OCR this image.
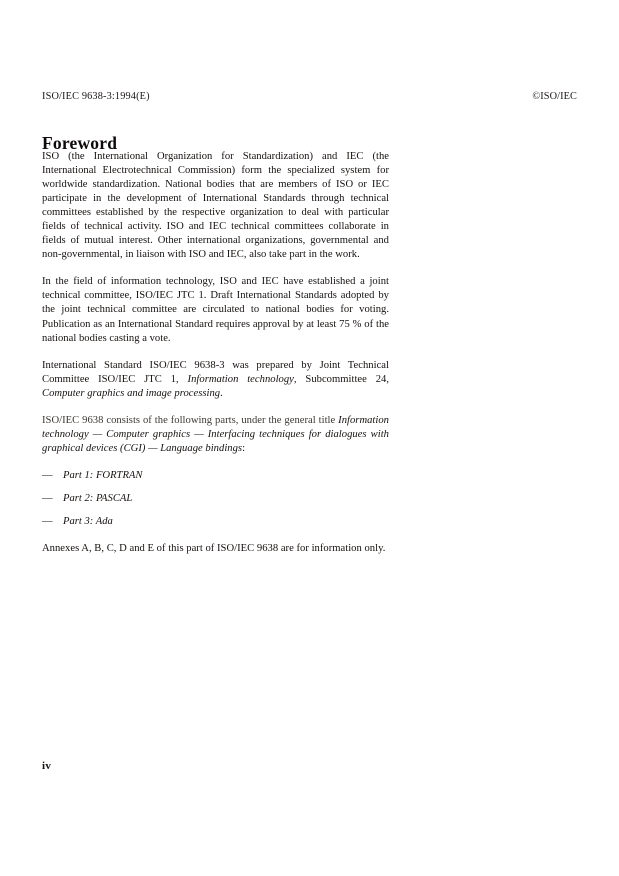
ISO/IEC 9638-3:1994(E)	©ISO/IEC
Foreword

ISO (the International Organization for Standardization) and IEC (the International Electrotechnical Commission) form the specialized system for worldwide standardization. National bodies that are members of ISO or IEC participate in the development of International Standards through technical committees established by the respective organization to deal with particular fields of technical activity. ISO and IEC technical committees collaborate in fields of mutual interest. Other international organizations, governmental and non-governmental, in liaison with ISO and IEC, also take part in the work.

In the field of information technology, ISO and IEC have established a joint technical committee, ISO/IEC JTC 1. Draft International Standards adopted by the joint technical committee are circulated to national bodies for voting. Publication as an International Standard requires approval by at least 75 % of the national bodies casting a vote.

International Standard ISO/IEC 9638-3 was prepared by Joint Technical Committee ISO/IEC JTC 1, Information technology, Subcommittee 24, Computer graphics and image processing.

ISO/IEC 9638 consists of the following parts, under the general title Information technology — Computer graphics — Interfacing techniques for dialogues with graphical devices (CGI) — Language bindings:

— Part 1: FORTRAN
— Part 2: PASCAL
— Part 3: Ada

Annexes A, B, C, D and E of this part of ISO/IEC 9638 are for information only.

iv
